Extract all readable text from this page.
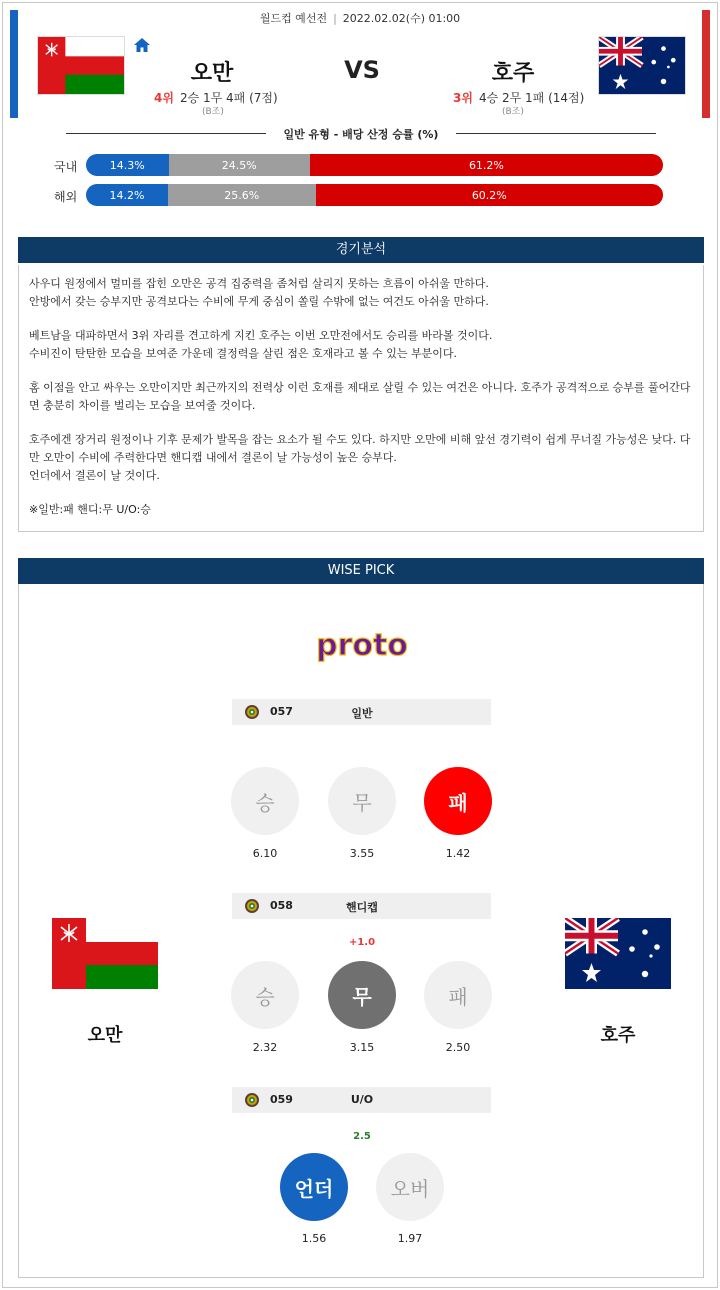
월드컵 예선전 | 2022.02.02(수) 01:00
오만	VS	호주
4위 2승 1무 4패 (7점)	3위 4승 2무 1패 (14점)
(B조)	(B조)
일반 유형 - 배당 산정 승률 (%)
국내	14.3%	24.5%	61.2%
해외	14.2%	25.6%	60.2%
경기분석

사우디 원정에서 멀미를 잡힌 오만은 공격 집중력을 좀처럼 살리지 못하는 흐름이 아쉬울 만하다.

안방에서 갖는 승부지만 공격보다는 수비에 무게 중심이 쏠릴 수밖에 없는 여건도 아쉬울 만하다.

베트남을 대파하면서 3위 자리를 견고하게 지킨 호주는 이번 오만전에서도 승리를 바라볼 것이다.

수비진이 탄탄한 모습을 보여준 가운데 결정력을 살린 점은 호재라고 볼 수 있는 부분이다.

홈 이점을 안고 싸우는 오만이지만 최근까지의 전력상 이런 호재를 제대로 살릴 수 있는 여건은 아니다. 호주가 공격적으로 승부를 풀어간다

면 충분히 차이를 벌리는 모습을 보여줄 것이다.

호주에겐 장거리 원정이나 기후 문제가 발목을 잡는 요소가 될 수도 있다. 하지만 오만에 비해 앞선 경기력이 쉽게 무너질 가능성은 낮다. 다

만 오만이 수비에 주력한다면 핸디캡 내에서 결론이 날 가능성이 높은 승부다.

언더에서 결론이 날 것이다.

※일반:패 핸디:무 U/O:승

WISE PICK
proto
오만	호주
057	일반
승	무	패
6.10	3.55	1.42
058	핸디캡
+1.0
승	무	패
2.32	3.15	2.50
059	U/O
2.5
언더	오버
1.56	1.97
